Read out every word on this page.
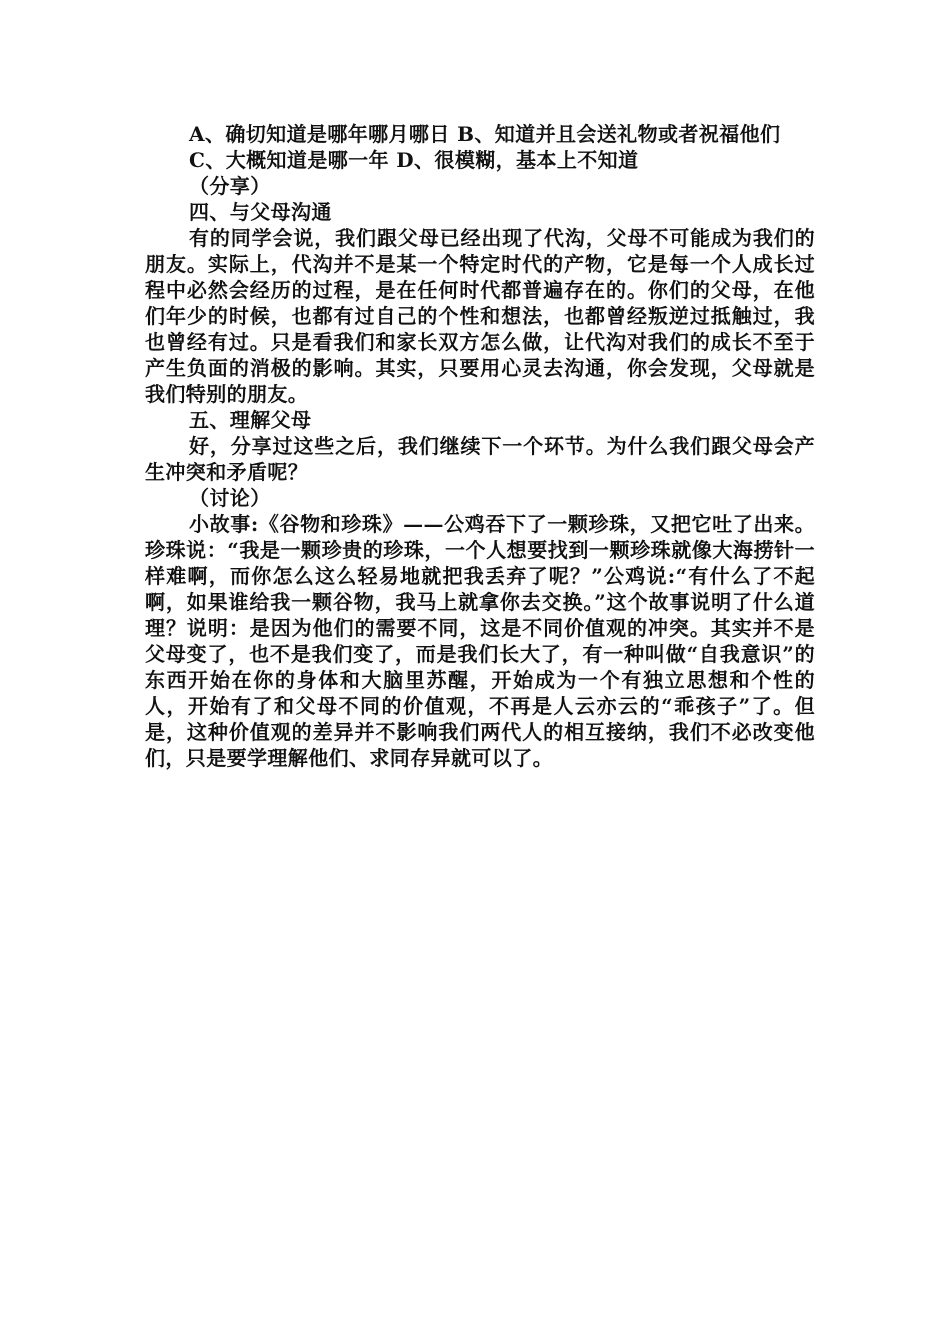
A、确切知道是哪年哪月哪日 B、知道并且会送礼物或者祝福他们

C、大概知道是哪一年 D、很模糊，基本上不知道

（分享）

四、与父母沟通

有的同学会说，我们跟父母已经出现了代沟，父母不可能成为我们的朋友。实际上，代沟并不是某一个特定时代的产物，它是每一个人成长过程中必然会经历的过程，是在任何时代都普遍存在的。你们的父母，在他们年少的时候，也都有过自己的个性和想法，也都曾经叛逆过抵触过，我也曾经有过。只是看我们和家长双方怎么做，让代沟对我们的成长不至于产生负面的消极的影响。其实，只要用心灵去沟通，你会发现，父母就是我们特别的朋友。

五、理解父母

好，分享过这些之后，我们继续下一个环节。为什么我们跟父母会产生冲突和矛盾呢？

（讨论）

小故事:《谷物和珍珠》——公鸡吞下了一颗珍珠，又把它吐了出来。珍珠说：“我是一颗珍贵的珍珠，一个人想要找到一颗珍珠就像大海捞针一样难啊，而你怎么这么轻易地就把我丢弃了呢？”公鸡说:“有什么了不起啊，如果谁给我一颗谷物，我马上就拿你去交换。”这个故事说明了什么道理？说明：是因为他们的需要不同，这是不同价值观的冲突。其实并不是父母变了，也不是我们变了，而是我们长大了，有一种叫做“自我意识”的东西开始在你的身体和大脑里苏醒，开始成为一个有独立思想和个性的人，开始有了和父母不同的价值观，不再是人云亦云的“乖孩子”了。但是，这种价值观的差异并不影响我们两代人的相互接纳，我们不必改变他们，只是要学理解他们、求同存异就可以了。
